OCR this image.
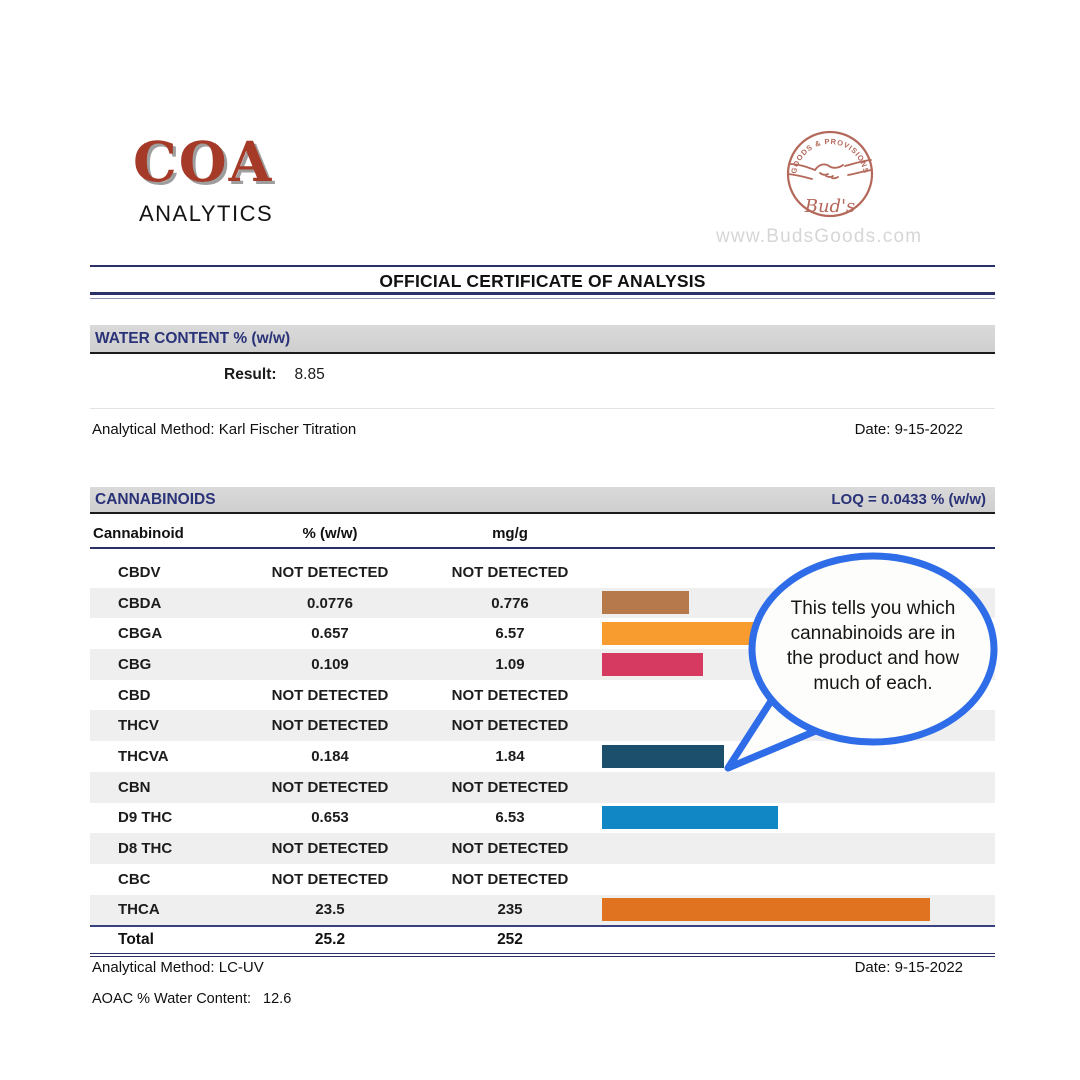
COA
ANALYTICS
GOODS & PROVISIONS
Bud's
www.BudsGoods.com
OFFICIAL CERTIFICATE OF ANALYSIS
WATER CONTENT % (w/w)
Result: 8.85
Analytical Method: Karl Fischer Titration	Date: 9-15-2022
CANNABINOIDS	LOQ = 0.0433 % (w/w)
Cannabinoid	% (w/w)	mg/g
CBDV	NOT DETECTED	NOT DETECTED
CBDA	0.0776	0.776
CBGA	0.657	6.57
CBG	0.109	1.09
CBD	NOT DETECTED	NOT DETECTED
THCV	NOT DETECTED	NOT DETECTED
THCVA	0.184	1.84
CBN	NOT DETECTED	NOT DETECTED
D9 THC	0.653	6.53
D8 THC	NOT DETECTED	NOT DETECTED
CBC	NOT DETECTED	NOT DETECTED
THCA	23.5	235
Total	25.2	252
Analytical Method: LC-UV	Date: 9-15-2022
AOAC % Water Content: 12.6
This tells you which
cannabinoids are in
the product and how
much of each.
